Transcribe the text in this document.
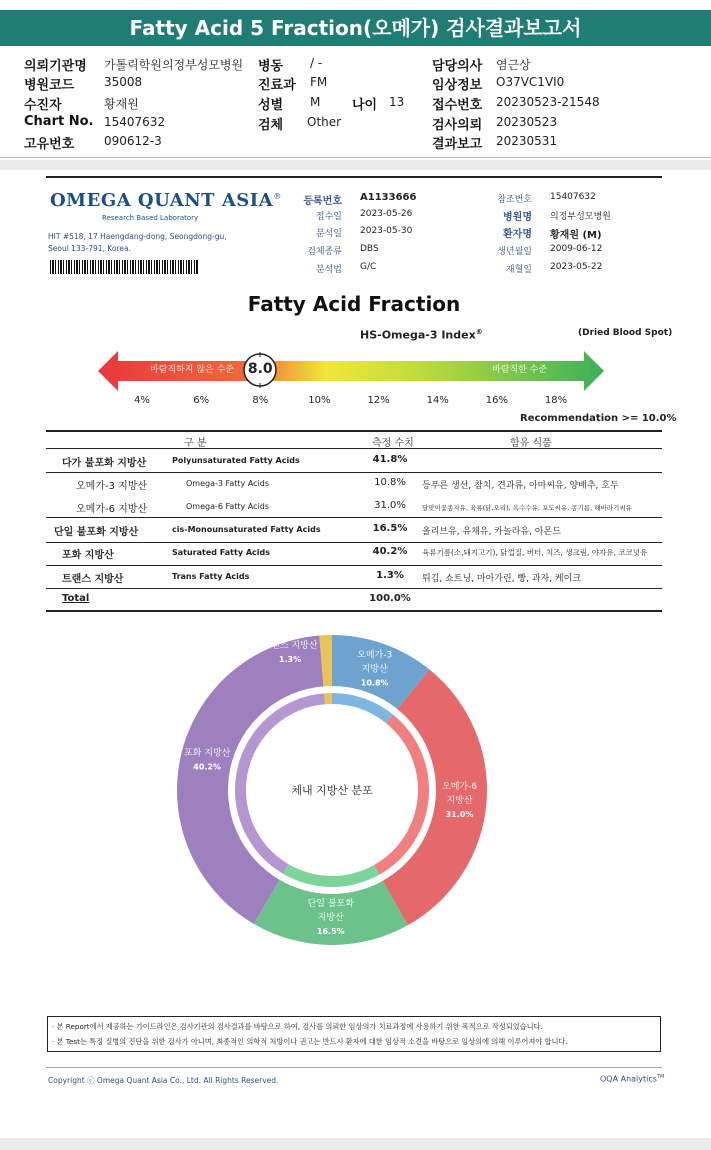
Fatty Acid 5 Fraction(오메가) 검사결과보고서
의뢰기관명 가톨릭학원의정부성모병원 병동 / -	담당의사 염근상
병원코드 35008	진료과 FM	임상정보 O37VC1VI0
수진자	황재원	성별 M 나이 13 접수번호 20230523-21548
Chart No. 15407632	검체 Other	검사의뢰 20230523
고유번호 090612-3	결과보고 20230531
OMEGA QUANT ASIA®
Research Based Laboratory
HIT #518, 17 Haengdang-dong, Seongdong-gu,
Seoul 133-791, Korea.
등록번호 A1133666	참조번호 15407632
접수일 2023-05-26	병원명 의정부성모병원
분석일 2023-05-30	환자명 황재원 (M)
검체종류 DBS	생년월일 2009-06-12
분석법 G/C	재혈일 2023-05-22
Fatty Acid Fraction
HS-Omega-3 Index®	(Dried Blood Spot)
바람직하지 않은 수준	바람직한 수준
8.0
4%	6%	8%	10%	12%	14%	16%	18%
Recommendation >= 10.0%
구 분	측정 수치	함유 식품
다가 불포화 지방산	Polyunsaturated Fatty Acids	41.8%
오메가-3 지방산	Omega-3 Fatty Acids	10.8%	등푸른 생선, 참치, 견과류, 아마씨유, 양배추, 호두
오메가-6 지방산	Omega-6 Fatty Acids	31.0%	달맞이꽃종자유, 육류(닭,오리), 옥수수유, 포도씨유, 콩기름, 해바라기씨유
단일 불포화 지방산	cis-Monounsaturated Fatty Acids	16.5%	올리브유, 유채유, 카놀라유, 아몬드
포화 지방산	Saturated Fatty Acids	40.2%	육류기름(소,돼지고기), 닭껍질, 버터, 치즈, 생크림, 야자유, 코코넛유
트랜스 지방산	Trans Fatty Acids	1.3%	튀김, 쇼트닝, 마아가린, 빵, 과자, 케이크
Total	100.0%
오메가-3
지방산
10.8%
오메가-6
지방산
31.0%
단일 불포화
지방산
16.5%
포화 지방산
40.2%
트랜스 지방산
1.3%
체내 지방산 분포
· 본 Report에서 제공하는 가이드라인은 검사기관의 검사결과를 바탕으로 하여, 검사를 의뢰한 임상의가 치료과정에 사용하기 위한 목적으로 작성되었습니다.
· 본 Test는 특정 질병의 진단을 위한 검사가 아니며, 최종적인 의학적 처방이나 권고는 반드시 환자에 대한 임상적 소견을 바탕으로 임상의에 의해 이루어져야 합니다.
Copyright ⓒ Omega Quant Asia Co., Ltd. All Rights Reserved.	OQA Analytics™
